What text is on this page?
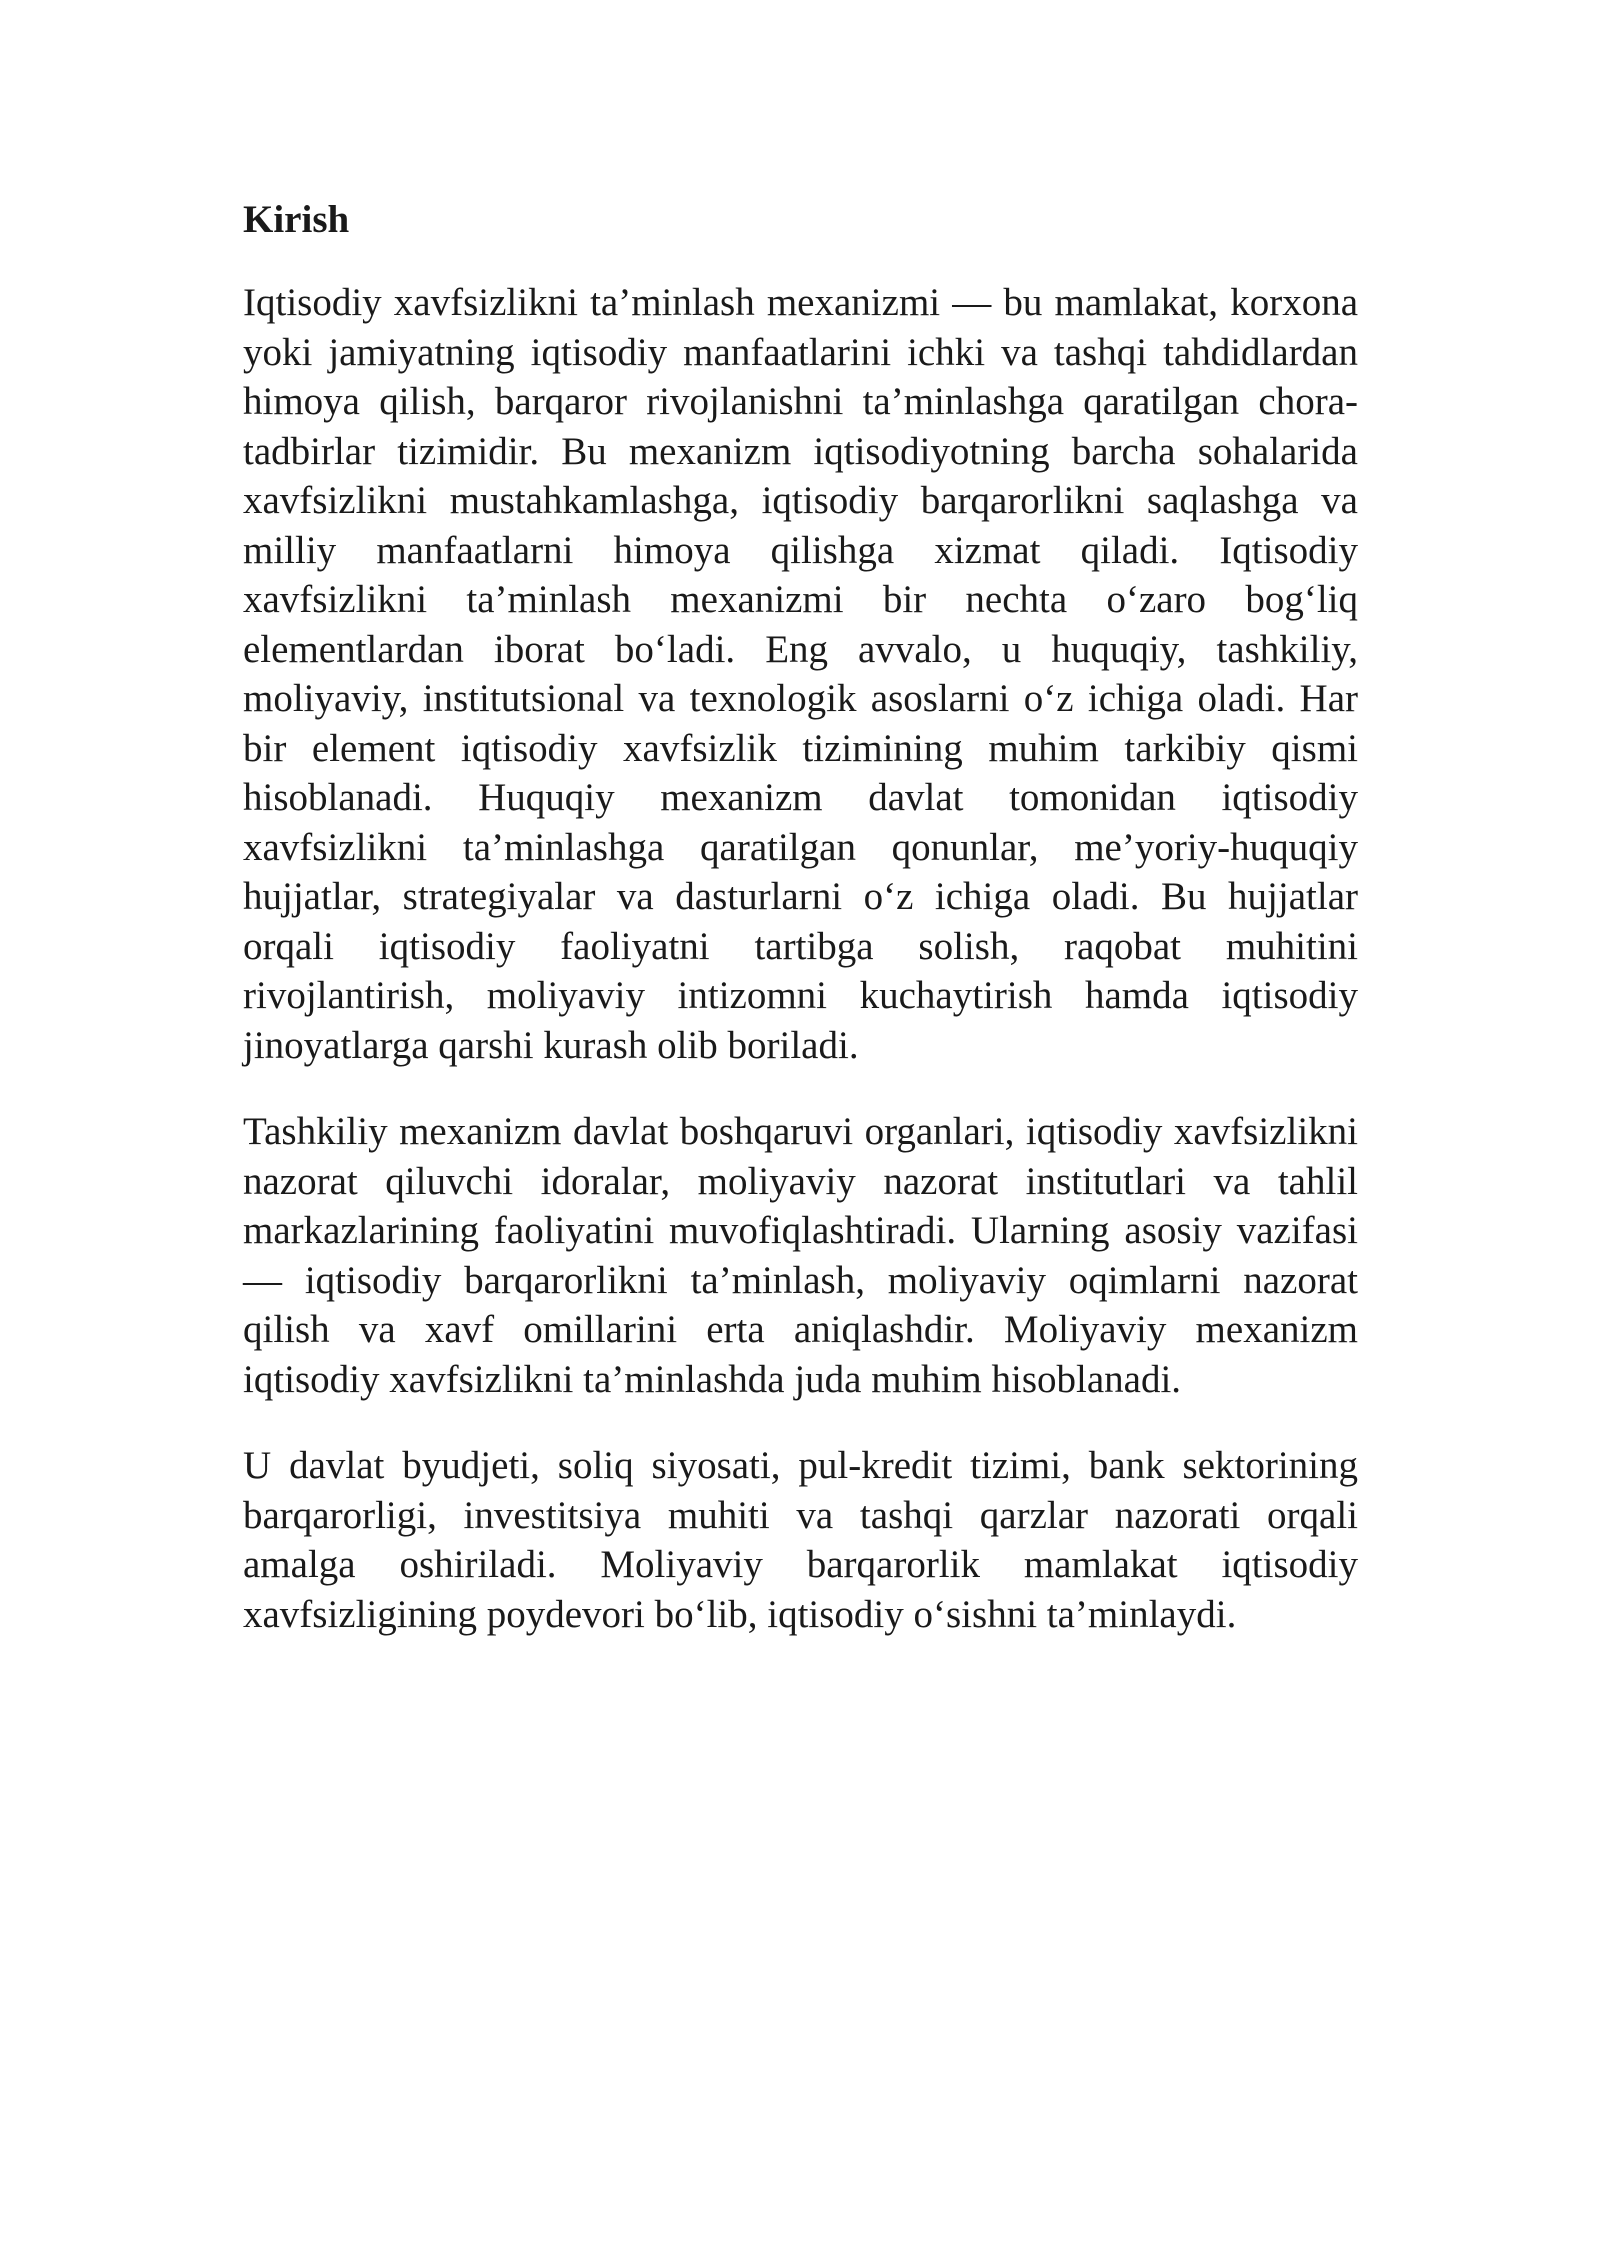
Kirish

Iqtisodiy xavfsizlikni ta’minlash mexanizmi — bu mamlakat, korxona yoki jamiyatning iqtisodiy manfaatlarini ichki va tashqi tahdidlardan himoya qilish, barqaror rivojlanishni ta’minlashga qaratilgan chora-tadbirlar tizimidir. Bu mexanizm iqtisodiyotning barcha sohalarida xavfsizlikni mustahkamlashga, iqtisodiy barqarorlikni saqlashga va milliy manfaatlarni himoya qilishga xizmat qiladi. Iqtisodiy xavfsizlikni ta’minlash mexanizmi bir nechta o‘zaro bog‘liq elementlardan iborat bo‘ladi. Eng avvalo, u huquqiy, tashkiliy, moliyaviy, institutsional va texnologik asoslarni o‘z ichiga oladi. Har bir element iqtisodiy xavfsizlik tizimining muhim tarkibiy qismi hisoblanadi. Huquqiy mexanizm davlat tomonidan iqtisodiy xavfsizlikni ta’minlashga qaratilgan qonunlar, me’yoriy-huquqiy hujjatlar, strategiyalar va dasturlarni o‘z ichiga oladi. Bu hujjatlar orqali iqtisodiy faoliyatni tartibga solish, raqobat muhitini rivojlantirish, moliyaviy intizomni kuchaytirish hamda iqtisodiy jinoyatlarga qarshi kurash olib boriladi.

Tashkiliy mexanizm davlat boshqaruvi organlari, iqtisodiy xavfsizlikni nazorat qiluvchi idoralar, moliyaviy nazorat institutlari va tahlil markazlarining faoliyatini muvofiqlashtiradi. Ularning asosiy vazifasi — iqtisodiy barqarorlikni ta’minlash, moliyaviy oqimlarni nazorat qilish va xavf omillarini erta aniqlashdir. Moliyaviy mexanizm iqtisodiy xavfsizlikni ta’minlashda juda muhim hisoblanadi.

U davlat byudjeti, soliq siyosati, pul-kredit tizimi, bank sektorining barqarorligi, investitsiya muhiti va tashqi qarzlar nazorati orqali amalga oshiriladi. Moliyaviy barqarorlik mamlakat iqtisodiy xavfsizligining poydevori bo‘lib, iqtisodiy o‘sishni ta’minlaydi.
